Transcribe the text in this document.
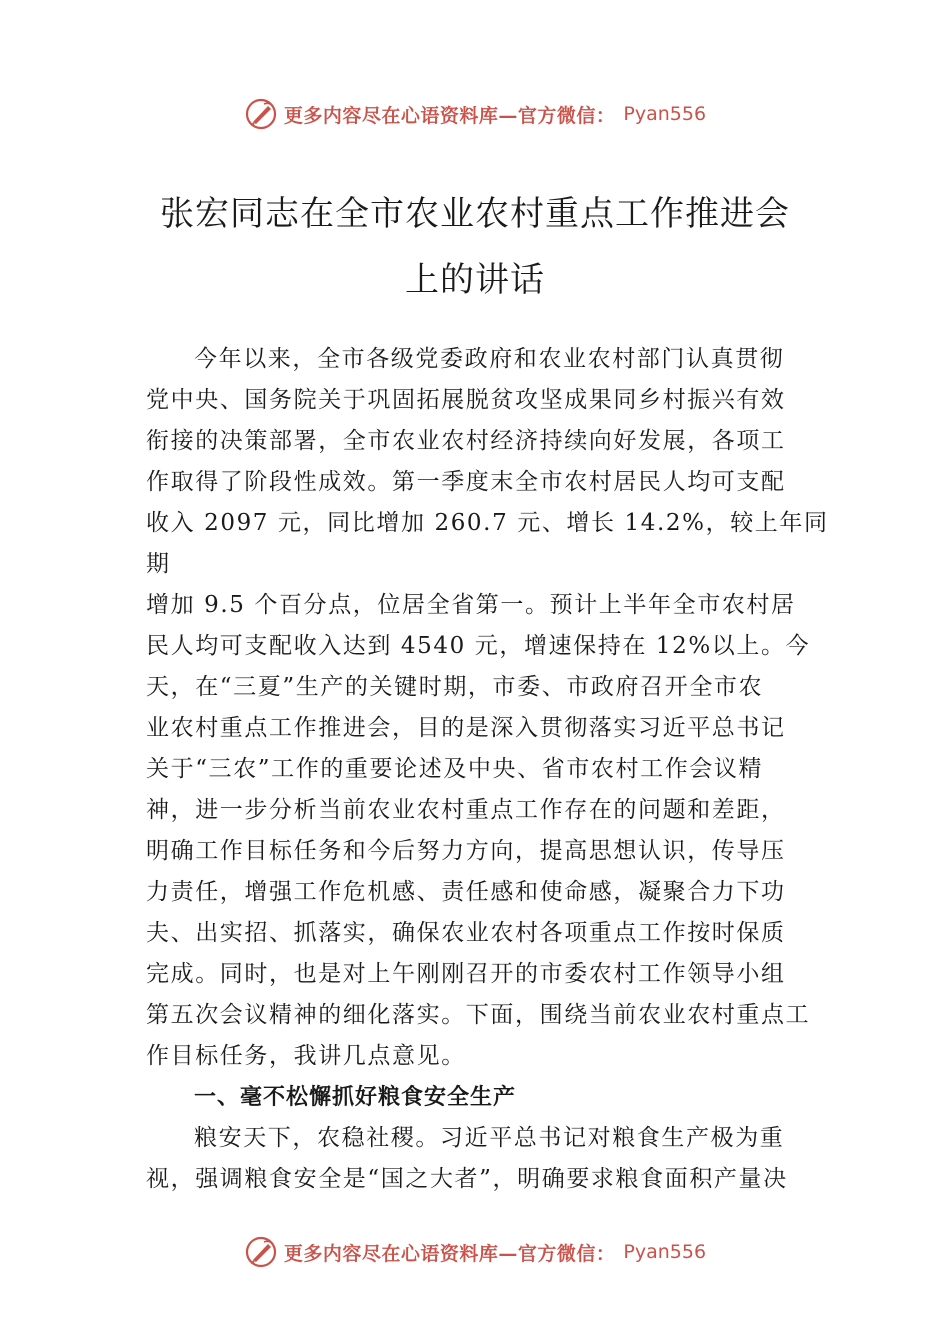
更多内容尽在心语资料库—官方微信： Pyan556
张宏同志在全市农业农村重点工作推进会
上的讲话
今年以来，全市各级党委政府和农业农村部门认真贯彻
党中央、国务院关于巩固拓展脱贫攻坚成果同乡村振兴有效
衔接的决策部署，全市农业农村经济持续向好发展，各项工
作取得了阶段性成效。第一季度末全市农村居民人均可支配
收入 2097 元，同比增加 260.7 元、增长 14.2%，较上年同
期
增加 9.5 个百分点，位居全省第一。预计上半年全市农村居
民人均可支配收入达到 4540 元，增速保持在 12%以上。今
天，在“三夏”生产的关键时期，市委、市政府召开全市农
业农村重点工作推进会，目的是深入贯彻落实习近平总书记
关于“三农”工作的重要论述及中央、省市农村工作会议精
神，进一步分析当前农业农村重点工作存在的问题和差距，
明确工作目标任务和今后努力方向，提高思想认识，传导压
力责任，增强工作危机感、责任感和使命感，凝聚合力下功
夫、出实招、抓落实，确保农业农村各项重点工作按时保质
完成。同时，也是对上午刚刚召开的市委农村工作领导小组
第五次会议精神的细化落实。下面，围绕当前农业农村重点工
作目标任务，我讲几点意见。
一、毫不松懈抓好粮食安全生产
粮安天下，农稳社稷。习近平总书记对粮食生产极为重
视，强调粮食安全是“国之大者”，明确要求粮食面积产量决
更多内容尽在心语资料库—官方微信： Pyan556
